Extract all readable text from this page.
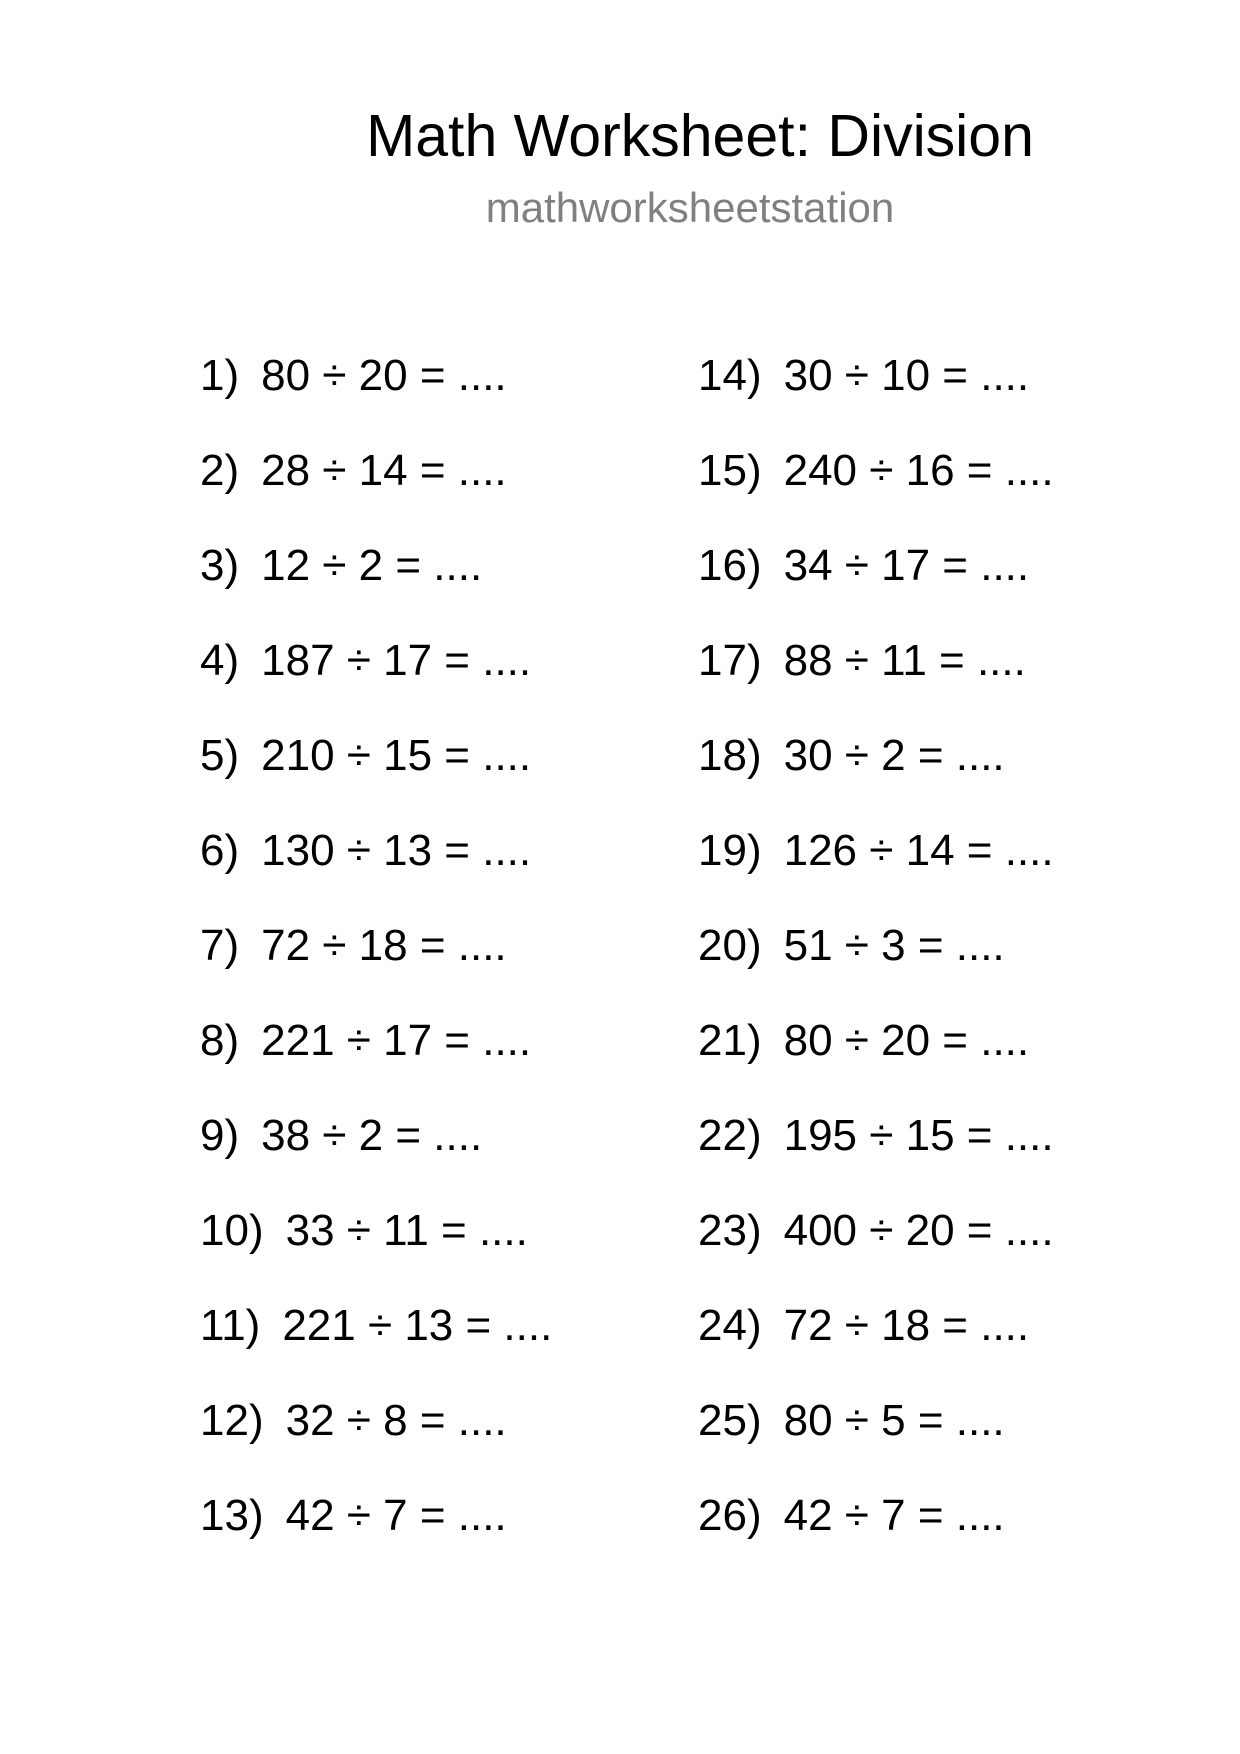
Math Worksheet: Division
mathworksheetstation
1) 80 ÷ 20 = ....
2) 28 ÷ 14 = ....
3) 12 ÷ 2 = ....
4) 187 ÷ 17 = ....
5) 210 ÷ 15 = ....
6) 130 ÷ 13 = ....
7) 72 ÷ 18 = ....
8) 221 ÷ 17 = ....
9) 38 ÷ 2 = ....
10) 33 ÷ 11 = ....
11) 221 ÷ 13 = ....
12) 32 ÷ 8 = ....
13) 42 ÷ 7 = ....
14) 30 ÷ 10 = ....
15) 240 ÷ 16 = ....
16) 34 ÷ 17 = ....
17) 88 ÷ 11 = ....
18) 30 ÷ 2 = ....
19) 126 ÷ 14 = ....
20) 51 ÷ 3 = ....
21) 80 ÷ 20 = ....
22) 195 ÷ 15 = ....
23) 400 ÷ 20 = ....
24) 72 ÷ 18 = ....
25) 80 ÷ 5 = ....
26) 42 ÷ 7 = ....
